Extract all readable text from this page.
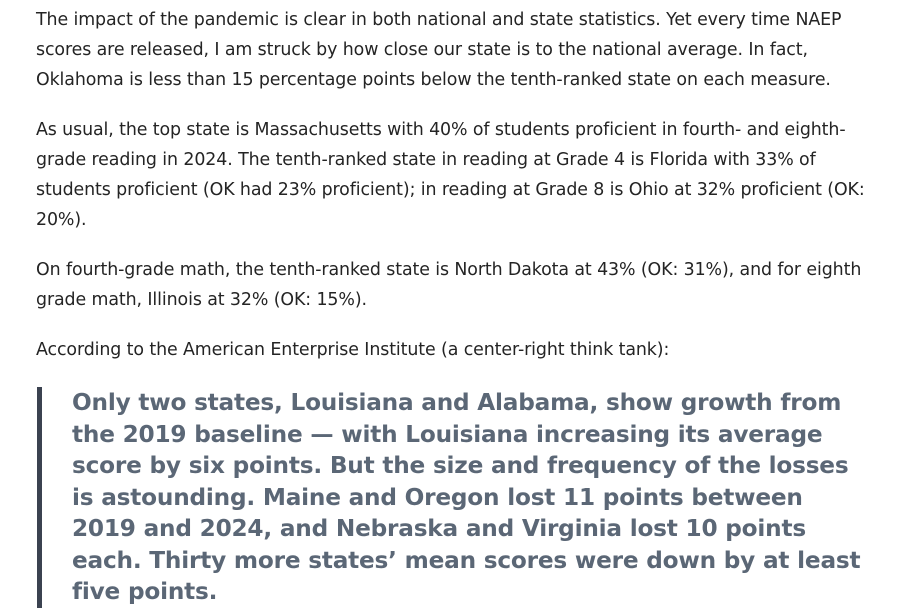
The impact of the pandemic is clear in both national and state statistics. Yet every time NAEP scores are released, I am struck by how close our state is to the national average. In fact, Oklahoma is less than 15 percentage points below the tenth-ranked state on each measure.

As usual, the top state is Massachusetts with 40% of students proficient in fourth- and eighth-grade reading in 2024. The tenth-ranked state in reading at Grade 4 is Florida with 33% of students proficient (OK had 23% proficient); in reading at Grade 8 is Ohio at 32% proficient (OK: 20%).

On fourth-grade math, the tenth-ranked state is North Dakota at 43% (OK: 31%), and for eighth grade math, Illinois at 32% (OK: 15%).

According to the American Enterprise Institute (a center-right think tank):

Only two states, Louisiana and Alabama, show growth from the 2019 baseline — with Louisiana increasing its average score by six points. But the size and frequency of the losses is astounding. Maine and Oregon lost 11 points between 2019 and 2024, and Nebraska and Virginia lost 10 points each. Thirty more states’ mean scores were down by at least five points.
